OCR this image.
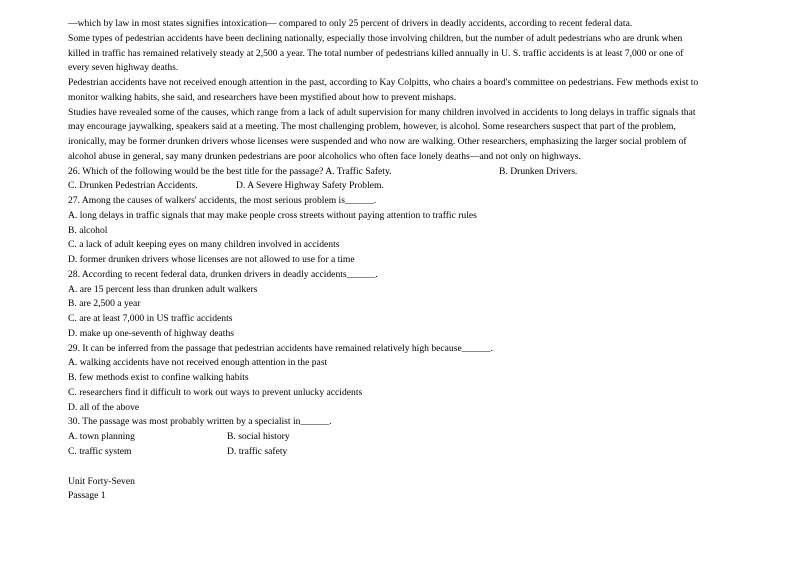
—which by law in most states signifies intoxication— compared to only 25 percent of drivers in deadly accidents, according to recent federal data.
Some types of pedestrian accidents have been declining nationally, especially those involving children, but the number of adult pedestrians who are drunk when
killed in traffic has remained relatively steady at 2,500 a year. The total number of pedestrians killed annually in U. S. traffic accidents is at least 7,000 or one of
every seven highway deaths.
Pedestrian accidents have not received enough attention in the past, according to Kay Colpitts, who chairs a board's committee on pedestrians. Few methods exist to
monitor walking habits, she said, and researchers have been mystified about how to prevent mishaps.
Studies have revealed some of the causes, which range from a lack of adult supervision for many children involved in accidents to long delays in traffic signals that
may encourage jaywalking, speakers said at a meeting. The most challenging problem, however, is alcohol. Some researchers suspect that part of the problem,
ironically, may be former drunken drivers whose licenses were suspended and who now are walking. Other researchers, emphasizing the larger social problem of
alcohol abuse in general, say many drunken pedestrians are poor alcoholics who often face lonely deaths—and not only on highways.
26. Which of the following would be the best title for the passage? A. Traffic Safety.	B. Drunken Drivers.
C. Drunken Pedestrian Accidents.	D. A Severe Highway Safety Problem.
27. Among the causes of walkers' accidents, the most serious problem is______.
A. long delays in traffic signals that may make people cross streets without paying attention to traffic rules
B. alcohol
C. a lack of adult keeping eyes on many children involved in accidents
D. former drunken drivers whose licenses are not allowed to use for a time
28. According to recent federal data, drunken drivers in deadly accidents______.
A. are 15 percent less than drunken adult walkers
B. are 2,500 a year
C. are at least 7,000 in US traffic accidents
D. make up one-seventh of highway deaths
29. It can be inferred from the passage that pedestrian accidents have remained relatively high because______.
A. walking accidents have not received enough attention in the past
B. few methods exist to confine walking habits
C. researchers find it difficult to work out ways to prevent unlucky accidents
D. all of the above
30. The passage was most probably written by a specialist in______.
A. town planning	B. social history
C. traffic system	D. traffic safety
Unit Forty-Seven
Passage 1
